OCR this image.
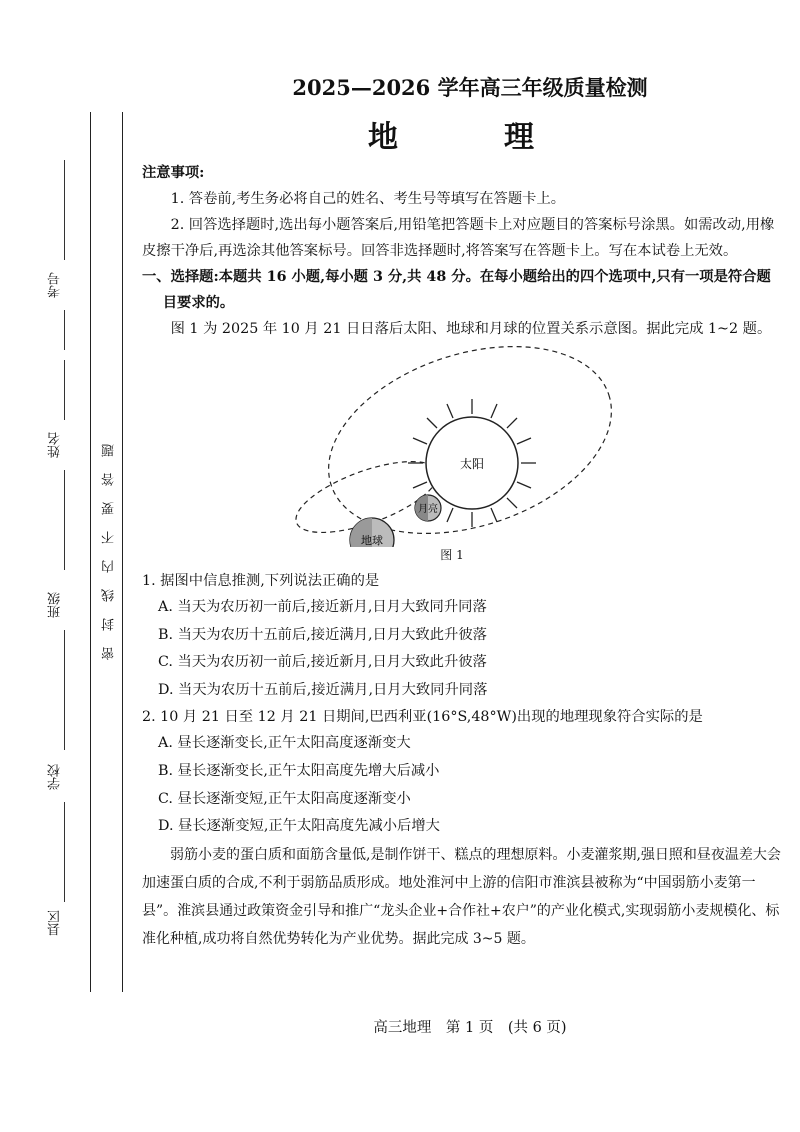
考号
姓名
班级
学校
县区
密封线内不要答题
2025—2026 学年高三年级质量检测
地　理

注意事项:

1. 答卷前,考生务必将自己的姓名、考生号等填写在答题卡上。

2. 回答选择题时,选出每小题答案后,用铅笔把答题卡上对应题目的答案标号涂黑。如需改动,用橡皮擦干净后,再选涂其他答案标号。回答非选择题时,将答案写在答题卡上。写在本试卷上无效。

一、选择题:本题共 16 小题,每小题 3 分,共 48 分。在每小题给出的四个选项中,只有一项是符合题目要求的。

图 1 为 2025 年 10 月 21 日日落后太阳、地球和月球的位置关系示意图。据此完成 1~2 题。

太阳
月亮
地球
图 1

1. 据图中信息推测,下列说法正确的是

A. 当天为农历初一前后,接近新月,日月大致同升同落

B. 当天为农历十五前后,接近满月,日月大致此升彼落

C. 当天为农历初一前后,接近新月,日月大致此升彼落

D. 当天为农历十五前后,接近满月,日月大致同升同落

2. 10 月 21 日至 12 月 21 日期间,巴西利亚(16°S,48°W)出现的地理现象符合实际的是

A. 昼长逐渐变长,正午太阳高度逐渐变大

B. 昼长逐渐变长,正午太阳高度先增大后减小

C. 昼长逐渐变短,正午太阳高度逐渐变小

D. 昼长逐渐变短,正午太阳高度先减小后增大

弱筋小麦的蛋白质和面筋含量低,是制作饼干、糕点的理想原料。小麦灌浆期,强日照和昼夜温差大会加速蛋白质的合成,不利于弱筋品质形成。地处淮河中上游的信阳市淮滨县被称为“中国弱筋小麦第一县”。淮滨县通过政策资金引导和推广“龙头企业+合作社+农户”的产业化模式,实现弱筋小麦规模化、标准化种植,成功将自然优势转化为产业优势。据此完成 3~5 题。

高三地理　第 1 页　(共 6 页)
